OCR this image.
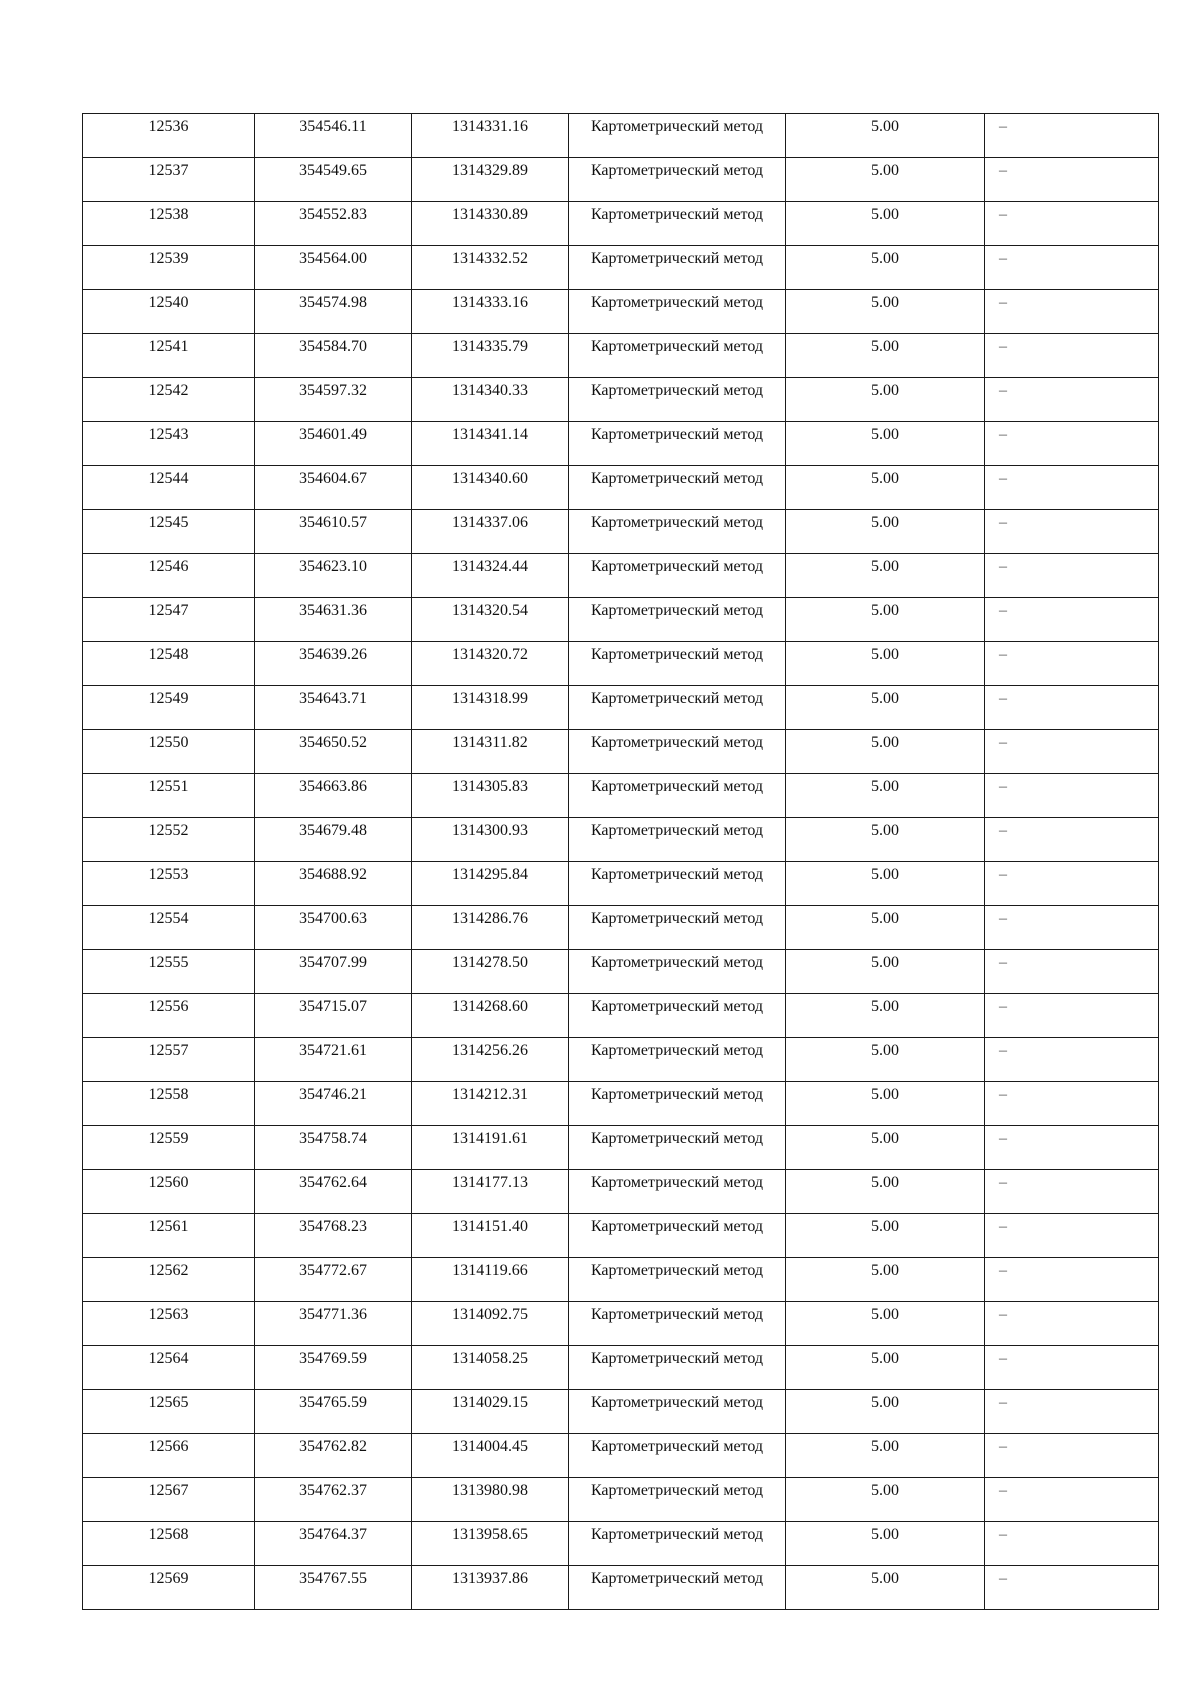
12536	354546.11	1314331.16	Картометрический метод	5.00	–
12537	354549.65	1314329.89	Картометрический метод	5.00	–
12538	354552.83	1314330.89	Картометрический метод	5.00	–
12539	354564.00	1314332.52	Картометрический метод	5.00	–
12540	354574.98	1314333.16	Картометрический метод	5.00	–
12541	354584.70	1314335.79	Картометрический метод	5.00	–
12542	354597.32	1314340.33	Картометрический метод	5.00	–
12543	354601.49	1314341.14	Картометрический метод	5.00	–
12544	354604.67	1314340.60	Картометрический метод	5.00	–
12545	354610.57	1314337.06	Картометрический метод	5.00	–
12546	354623.10	1314324.44	Картометрический метод	5.00	–
12547	354631.36	1314320.54	Картометрический метод	5.00	–
12548	354639.26	1314320.72	Картометрический метод	5.00	–
12549	354643.71	1314318.99	Картометрический метод	5.00	–
12550	354650.52	1314311.82	Картометрический метод	5.00	–
12551	354663.86	1314305.83	Картометрический метод	5.00	–
12552	354679.48	1314300.93	Картометрический метод	5.00	–
12553	354688.92	1314295.84	Картометрический метод	5.00	–
12554	354700.63	1314286.76	Картометрический метод	5.00	–
12555	354707.99	1314278.50	Картометрический метод	5.00	–
12556	354715.07	1314268.60	Картометрический метод	5.00	–
12557	354721.61	1314256.26	Картометрический метод	5.00	–
12558	354746.21	1314212.31	Картометрический метод	5.00	–
12559	354758.74	1314191.61	Картометрический метод	5.00	–
12560	354762.64	1314177.13	Картометрический метод	5.00	–
12561	354768.23	1314151.40	Картометрический метод	5.00	–
12562	354772.67	1314119.66	Картометрический метод	5.00	–
12563	354771.36	1314092.75	Картометрический метод	5.00	–
12564	354769.59	1314058.25	Картометрический метод	5.00	–
12565	354765.59	1314029.15	Картометрический метод	5.00	–
12566	354762.82	1314004.45	Картометрический метод	5.00	–
12567	354762.37	1313980.98	Картометрический метод	5.00	–
12568	354764.37	1313958.65	Картометрический метод	5.00	–
12569	354767.55	1313937.86	Картометрический метод	5.00	–
